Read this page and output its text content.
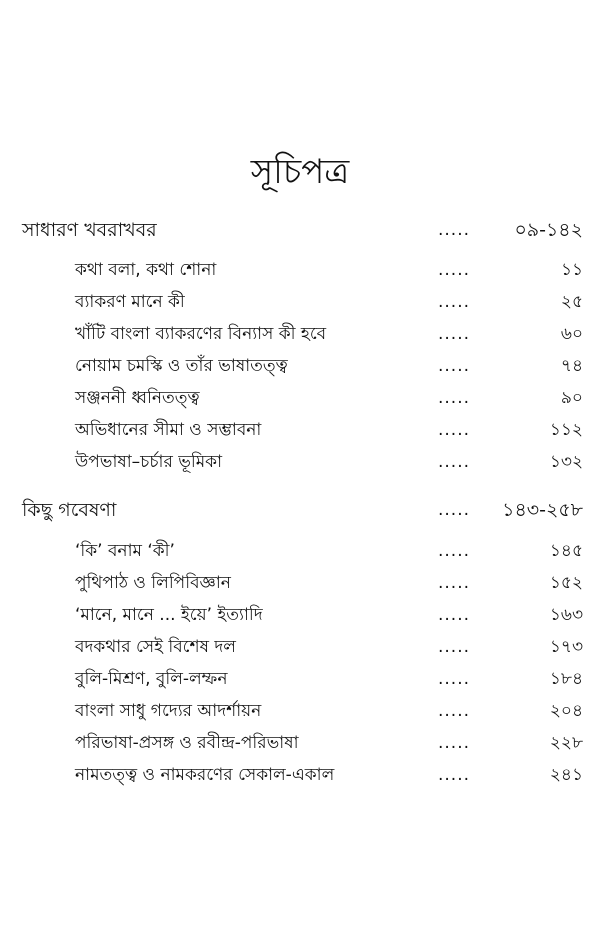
সূচিপত্র
সাধারণ খবরাখবর	..... ০৯-১৪২
কথা বলা, কথা শোনা	.....	১১
ব্যাকরণ মানে কী	.....	২৫
খাঁটি বাংলা ব্যাকরণের বিন্যাস কী হবে	.....	৬০
নোয়াম চমস্কি ও তাঁর ভাষাতত্ত্ব	.....	৭৪
সঞ্জননী ধ্বনিতত্ত্ব	.....	৯০
অভিধানের সীমা ও সম্ভাবনা	.....	১১২
উপভাষা–চর্চার ভূমিকা	.....	১৩২
কিছু গবেষণা	..... ১৪৩-২৫৮
‘কি’ বনাম ‘কী’	.....	১৪৫
পুথিপাঠ ও লিপিবিজ্ঞান	.....	১৫২
‘মানে, মানে ... ইয়ে’ ইত্যাদি	.....	১৬৩
বদকথার সেই বিশেষ দল	.....	১৭৩
বুলি-মিশ্রণ, বুলি-লম্ফন	.....	১৮৪
বাংলা সাধু গদ্যের আদর্শায়ন	.....	২০৪
পরিভাষা-প্রসঙ্গ ও রবীন্দ্র-পরিভাষা	.....	২২৮
নামতত্ত্ব ও নামকরণের সেকাল-একাল	.....	২৪১
